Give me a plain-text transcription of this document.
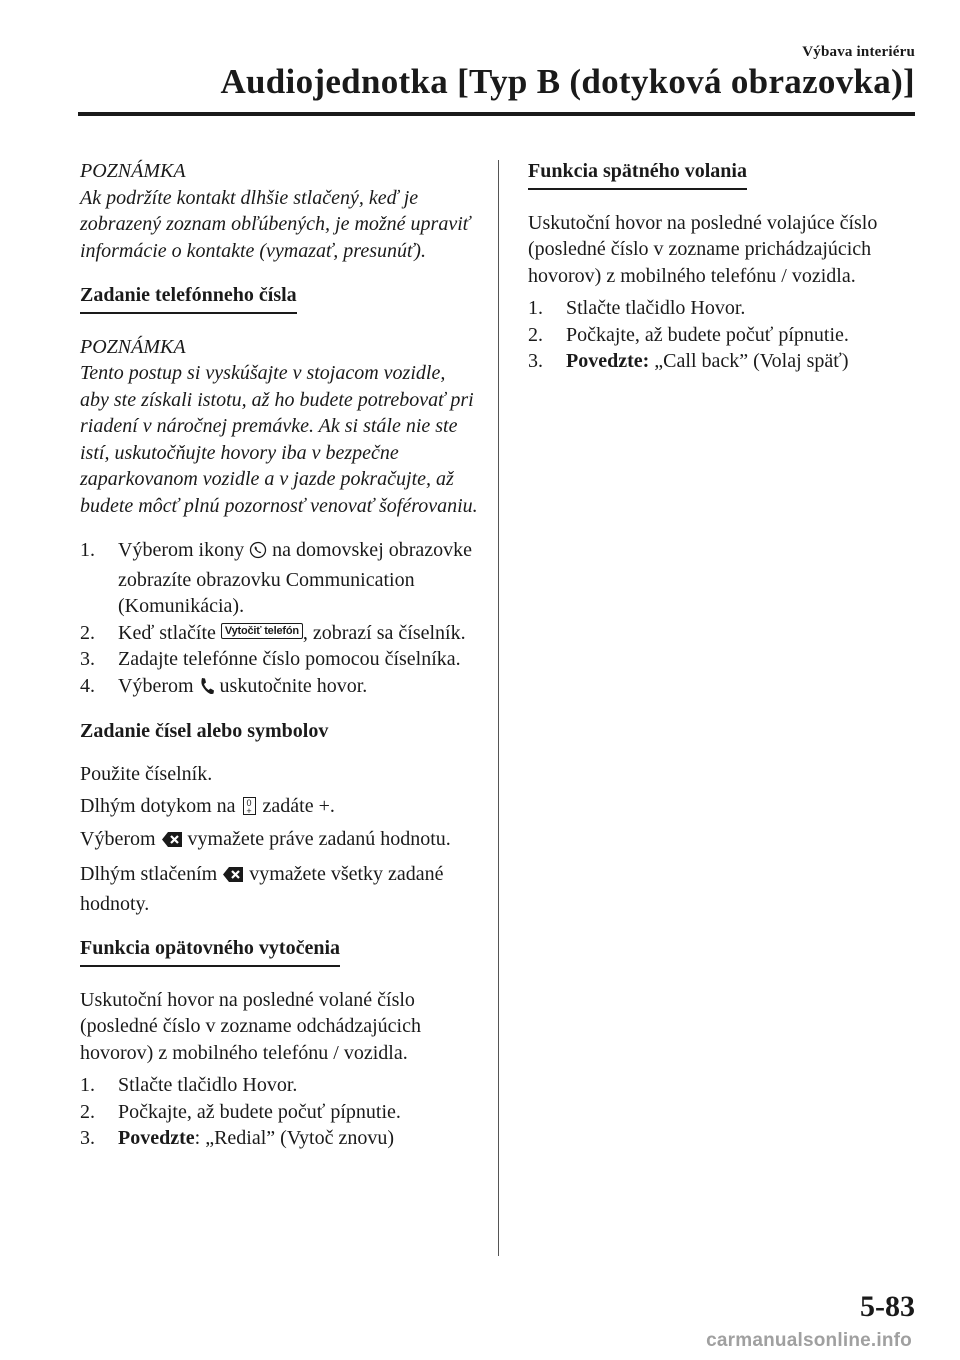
Výbava interiéru
Audiojednotka [Typ B (dotyková obrazovka)]
POZNÁMKA
Ak podržíte kontakt dlhšie stlačený, keď je zobrazený zoznam obľúbených, je možné upraviť informácie o kontakte (vymazať, presunúť).
Zadanie telefónneho čísla
POZNÁMKA
Tento postup si vyskúšajte v stojacom vozidle, aby ste získali istotu, až ho budete potrebovať pri riadení v náročnej premávke. Ak si stále nie ste istí, uskutočňujte hovory iba v bezpečne zaparkovanom vozidle a v jazde pokračujte, až budete môcť plnú pozornosť venovať šoférovaniu.
1. Výberom ikony na domovskej obrazovke zobrazíte obrazovku Communication (Komunikácia).
2. Keď stlačíte Vytočiť telefón , zobrazí sa číselník.
3. Zadajte telefónne číslo pomocou číselníka.
4. Výberom uskutočnite hovor.
Zadanie čísel alebo symbolov
Použite číselník.
Dlhým dotykom na 0
+ zadáte +.
Výberom vymažete práve zadanú hodnotu.
Dlhým stlačením vymažete všetky zadané hodnoty.
Funkcia opätovného vytočenia
Uskutoční hovor na posledné volané číslo (posledné číslo v zozname odchádzajúcich hovorov) z mobilného telefónu / vozidla.
1. Stlačte tlačidlo Hovor.
2. Počkajte, až budete počuť pípnutie.
3. Povedzte: „Redial” (Vytoč znovu)
Funkcia spätného volania
Uskutoční hovor na posledné volajúce číslo (posledné číslo v zozname prichádzajúcich hovorov) z mobilného telefónu / vozidla.
1. Stlačte tlačidlo Hovor.
2. Počkajte, až budete počuť pípnutie.
3. Povedzte: „Call back” (Volaj späť)
5-83
carmanualsonline.info
